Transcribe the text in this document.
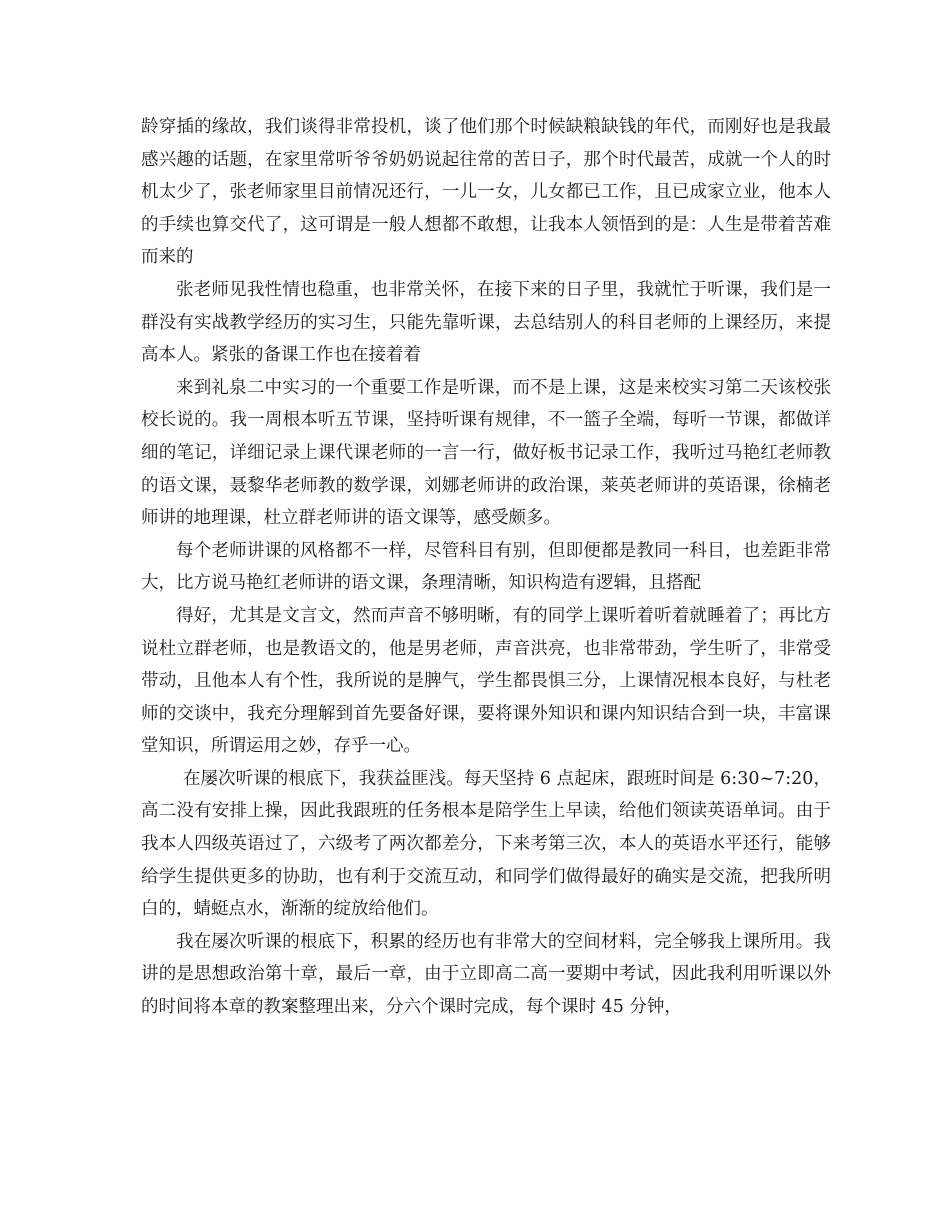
龄穿插的缘故，我们谈得非常投机，谈了他们那个时候缺粮缺钱的年代，而刚好也是我最感兴趣的话题，在家里常听爷爷奶奶说起往常的苦日子，那个时代最苦，成就一个人的时机太少了，张老师家里目前情况还行，一儿一女，儿女都已工作，且已成家立业，他本人的手续也算交代了，这可谓是一般人想都不敢想，让我本人领悟到的是：人生是带着苦难而来的

张老师见我性情也稳重，也非常关怀，在接下来的日子里，我就忙于听课，我们是一群没有实战教学经历的实习生，只能先靠听课，去总结别人的科目老师的上课经历，来提高本人。紧张的备课工作也在接着着

来到礼泉二中实习的一个重要工作是听课，而不是上课，这是来校实习第二天该校张校长说的。我一周根本听五节课，坚持听课有规律，不一篮子全端，每听一节课，都做详细的笔记，详细记录上课代课老师的一言一行，做好板书记录工作，我听过马艳红老师教的语文课，聂黎华老师教的数学课，刘娜老师讲的政治课，莱英老师讲的英语课，徐楠老师讲的地理课，杜立群老师讲的语文课等，感受颇多。

每个老师讲课的风格都不一样，尽管科目有别，但即便都是教同一科目，也差距非常大，比方说马艳红老师讲的语文课，条理清晰，知识构造有逻辑，且搭配

得好，尤其是文言文，然而声音不够明晰，有的同学上课听着听着就睡着了；再比方说杜立群老师，也是教语文的，他是男老师，声音洪亮，也非常带劲，学生听了，非常受带动，且他本人有个性，我所说的是脾气，学生都畏惧三分，上课情况根本良好，与杜老师的交谈中，我充分理解到首先要备好课，要将课外知识和课内知识结合到一块，丰富课堂知识，所谓运用之妙，存乎一心。

在屡次听课的根底下，我获益匪浅。每天坚持 6 点起床，跟班时间是 6:30~7:20，高二没有安排上操，因此我跟班的任务根本是陪学生上早读，给他们领读英语单词。由于我本人四级英语过了，六级考了两次都差分，下来考第三次，本人的英语水平还行，能够给学生提供更多的协助，也有利于交流互动，和同学们做得最好的确实是交流，把我所明白的，蜻蜓点水，渐渐的绽放给他们。

我在屡次听课的根底下，积累的经历也有非常大的空间材料，完全够我上课所用。我讲的是思想政治第十章，最后一章，由于立即高二高一要期中考试，因此我利用听课以外的时间将本章的教案整理出来，分六个课时完成，每个课时 45 分钟，
